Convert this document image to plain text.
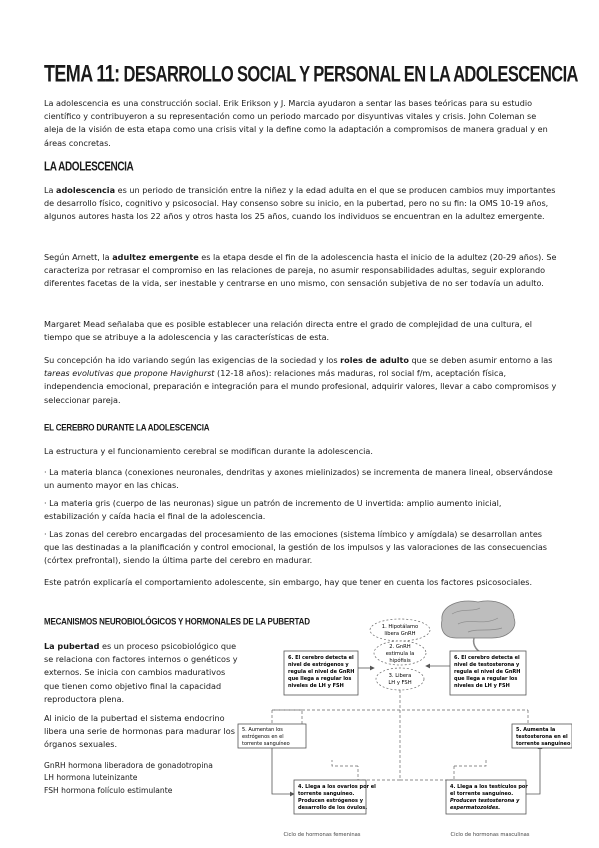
TEMA 11: DESARROLLO SOCIAL Y PERSONAL EN LA ADOLESCENCIA

La adolescencia es una construcción social. Erik Erikson y J. Marcia ayudaron a sentar las bases teóricas para su estudio científico y contribuyeron a su representación como un periodo marcado por disyuntivas vitales y crisis. John Coleman se aleja de la visión de esta etapa como una crisis vital y la define como la adaptación a compromisos de manera gradual y en áreas concretas.

LA ADOLESCENCIA

La adolescencia es un periodo de transición entre la niñez y la edad adulta en el que se producen cambios muy importantes de desarrollo físico, cognitivo y psicosocial. Hay consenso sobre su inicio, en la pubertad, pero no su fin: la OMS 10-19 años, algunos autores hasta los 22 años y otros hasta los 25 años, cuando los individuos se encuentran en la adultez emergente.

Según Arnett, la adultez emergente es la etapa desde el fin de la adolescencia hasta el inicio de la adultez (20-29 años). Se caracteriza por retrasar el compromiso en las relaciones de pareja, no asumir responsabilidades adultas, seguir explorando diferentes facetas de la vida, ser inestable y centrarse en uno mismo, con sensación subjetiva de no ser todavía un adulto.

Margaret Mead señalaba que es posible establecer una relación directa entre el grado de complejidad de una cultura, el tiempo que se atribuye a la adolescencia y las características de esta.

Su concepción ha ido variando según las exigencias de la sociedad y los roles de adulto que se deben asumir entorno a las tareas evolutivas que propone Havighurst (12-18 años): relaciones más maduras, rol social f/m, aceptación física, independencia emocional, preparación e integración para el mundo profesional, adquirir valores, llevar a cabo compromisos y seleccionar pareja.

EL CEREBRO DURANTE LA ADOLESCENCIA

La estructura y el funcionamiento cerebral se modifican durante la adolescencia.

· La materia blanca (conexiones neuronales, dendritas y axones mielinizados) se incrementa de manera lineal, observándose un aumento mayor en las chicas.

· La materia gris (cuerpo de las neuronas) sigue un patrón de incremento de U invertida: amplio aumento inicial, estabilización y caída hacia el final de la adolescencia.

· Las zonas del cerebro encargadas del procesamiento de las emociones (sistema límbico y amígdala) se desarrollan antes que las destinadas a la planificación y control emocional, la gestión de los impulsos y las valoraciones de las consecuencias (córtex prefrontal), siendo la última parte del cerebro en madurar.

Este patrón explicaría el comportamiento adolescente, sin embargo, hay que tener en cuenta los factores psicosociales.

MECANISMOS NEUROBIOLÓGICOS Y HORMONALES DE LA PUBERTAD

La pubertad es un proceso psicobiológico que se relaciona con factores internos o genéticos y externos. Se inicia con cambios madurativos que tienen como objetivo final la capacidad reproductora plena.

Al inicio de la pubertad el sistema endocrino libera una serie de hormonas para madurar los órganos sexuales.

GnRH hormona liberadora de gonadotropina
LH hormona luteinizante
FSH hormona folículo estimulante
1. Hipotálamo
libera GnRH
2. GnRH
estimula la
hipófisis
3. Libera
LH y FSH
6. El cerebro detecta el
nivel de estrógenos y
regula el nivel de GnRH
que llega a regular los
niveles de LH y FSH
6. El cerebro detecta el
nivel de testosterona y
regula el nivel de GnRH
que llega a regular los
niveles de LH y FSH
5. Aumentan los
estrógenos en el
torrente sanguíneo
5. Aumenta la
testosterona en el
torrente sanguíneo
4. Llega a los ovarios por el
torrente sanguíneo.
Producen estrógenos y
desarrollo de los óvulos.
4. Llega a los testículos por
el torrente sanguíneo.
Producen testosterona y
espermatozoides.
Ciclo de hormonas femeninas	Ciclo de hormonas masculinas
